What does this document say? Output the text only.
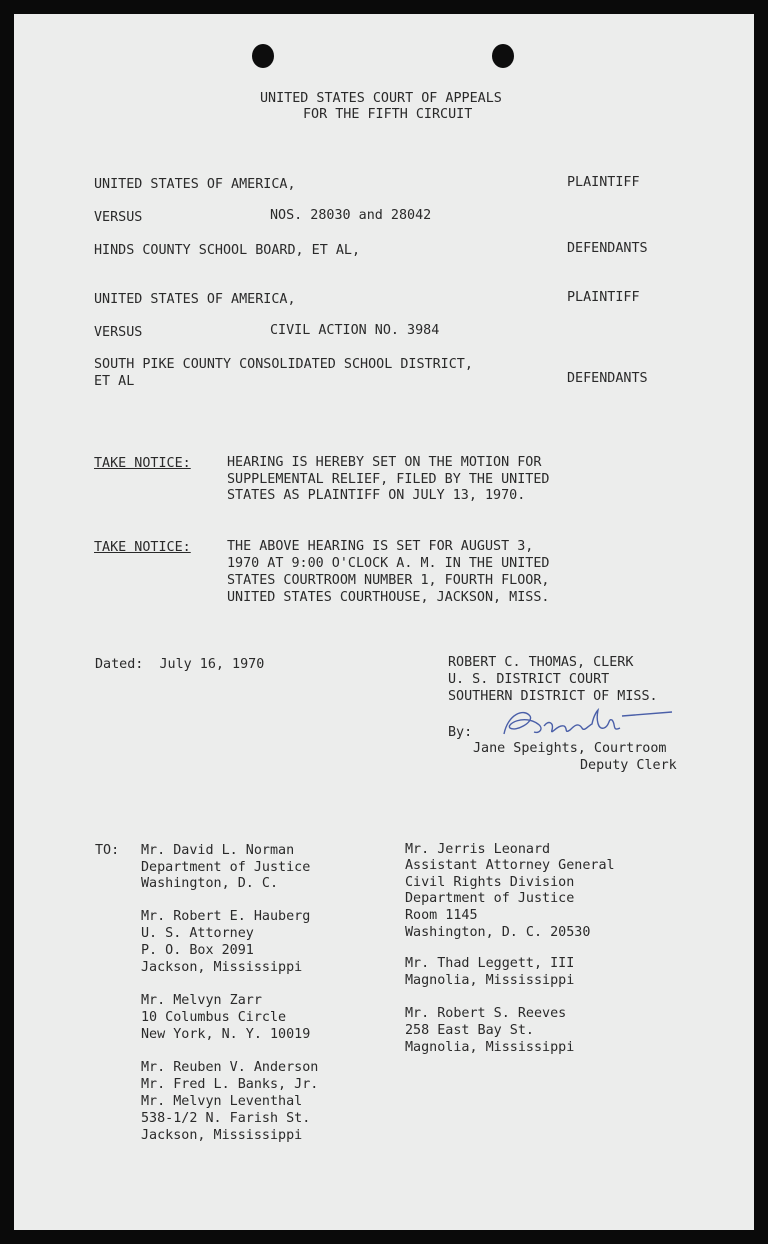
UNITED STATES COURT OF APPEALS
FOR THE FIFTH CIRCUIT
UNITED STATES OF AMERICA,	PLAINTIFF
VERSUS	NOS. 28030 and 28042
HINDS COUNTY SCHOOL BOARD, ET AL,	DEFENDANTS
UNITED STATES OF AMERICA,	PLAINTIFF
VERSUS	CIVIL ACTION NO. 3984
SOUTH PIKE COUNTY CONSOLIDATED SCHOOL DISTRICT,
ET AL	DEFENDANTS
TAKE NOTICE:	HEARING IS HEREBY SET ON THE MOTION FOR
SUPPLEMENTAL RELIEF, FILED BY THE UNITED
STATES AS PLAINTIFF ON JULY 13, 1970.
TAKE NOTICE:	THE ABOVE HEARING IS SET FOR AUGUST 3,
1970 AT 9:00 O'CLOCK A. M. IN THE UNITED
STATES COURTROOM NUMBER 1, FOURTH FLOOR,
UNITED STATES COURTHOUSE, JACKSON, MISS.
Dated:  July 16, 1970	ROBERT C. THOMAS, CLERK
U. S. DISTRICT COURT
SOUTHERN DISTRICT OF MISS.
By:
Jane Speights, Courtroom
Deputy Clerk
TO: Mr. David L. Norman
Department of Justice
Washington, D. C.
Mr. Robert E. Hauberg
U. S. Attorney
P. O. Box 2091
Jackson, Mississippi
Mr. Melvyn Zarr
10 Columbus Circle
New York, N. Y. 10019
Mr. Reuben V. Anderson
Mr. Fred L. Banks, Jr.
Mr. Melvyn Leventhal
538-1/2 N. Farish St.
Jackson, Mississippi
Mr. Jerris Leonard
Assistant Attorney General
Civil Rights Division
Department of Justice
Room 1145
Washington, D. C. 20530
Mr. Thad Leggett, III
Magnolia, Mississippi
Mr. Robert S. Reeves
258 East Bay St.
Magnolia, Mississippi
